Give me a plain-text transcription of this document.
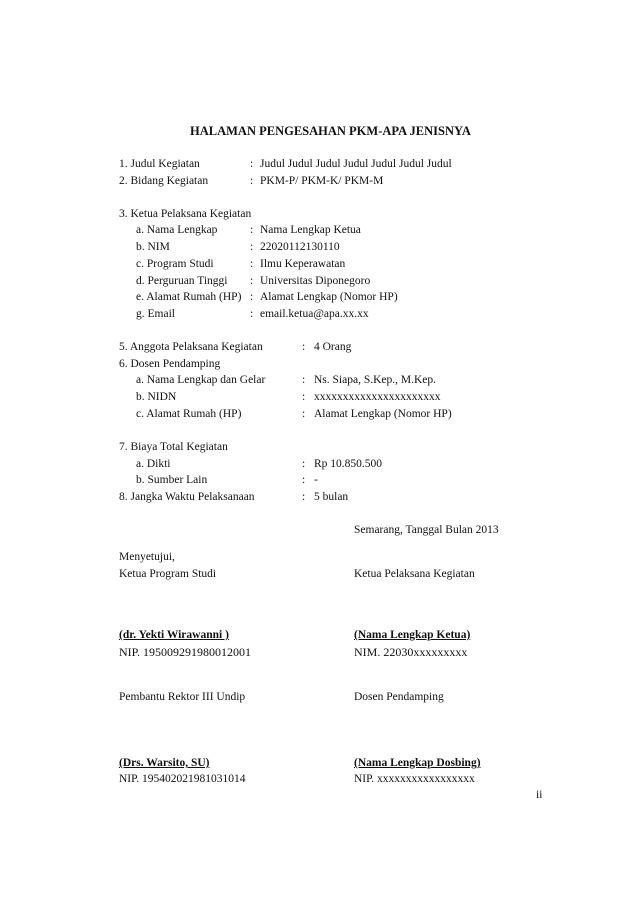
HALAMAN PENGESAHAN PKM-APA JENISNYA
1. Judul Kegiatan	: Judul Judul Judul Judul Judul Judul Judul
2. Bidang Kegiatan	: PKM-P/ PKM-K/ PKM-M
3. Ketua Pelaksana Kegiatan
a. Nama Lengkap	: Nama Lengkap Ketua
b. NIM	: 22020112130110
c. Program Studi	: Ilmu Keperawatan
d. Perguruan Tinggi : Universitas Diponegoro
e. Alamat Rumah (HP) : Alamat Lengkap (Nomor HP)
g. Email	: email.ketua@apa.xx.xx
5. Anggota Pelaksana Kegiatan	: 4 Orang
6. Dosen Pendamping
a. Nama Lengkap dan Gelar	: Ns. Siapa, S.Kep., M.Kep.
b. NIDN	: xxxxxxxxxxxxxxxxxxxxxx
c. Alamat Rumah (HP)	: Alamat Lengkap (Nomor HP)
7. Biaya Total Kegiatan
a. Dikti	: Rp 10.850.500
b. Sumber Lain	: -
8. Jangka Waktu Pelaksanaan	: 5 bulan
Semarang, Tanggal Bulan 2013
Menyetujui,
Ketua Program Studi	Ketua Pelaksana Kegiatan
(dr. Yekti Wirawanni )	(Nama Lengkap Ketua)
NIP. 195009291980012001	NIM. 22030xxxxxxxxx
Pembantu Rektor III Undip	Dosen Pendamping
(Drs. Warsito, SU)	(Nama Lengkap Dosbing)
NIP. 195402021981031014	NIP. xxxxxxxxxxxxxxxxx
ii
